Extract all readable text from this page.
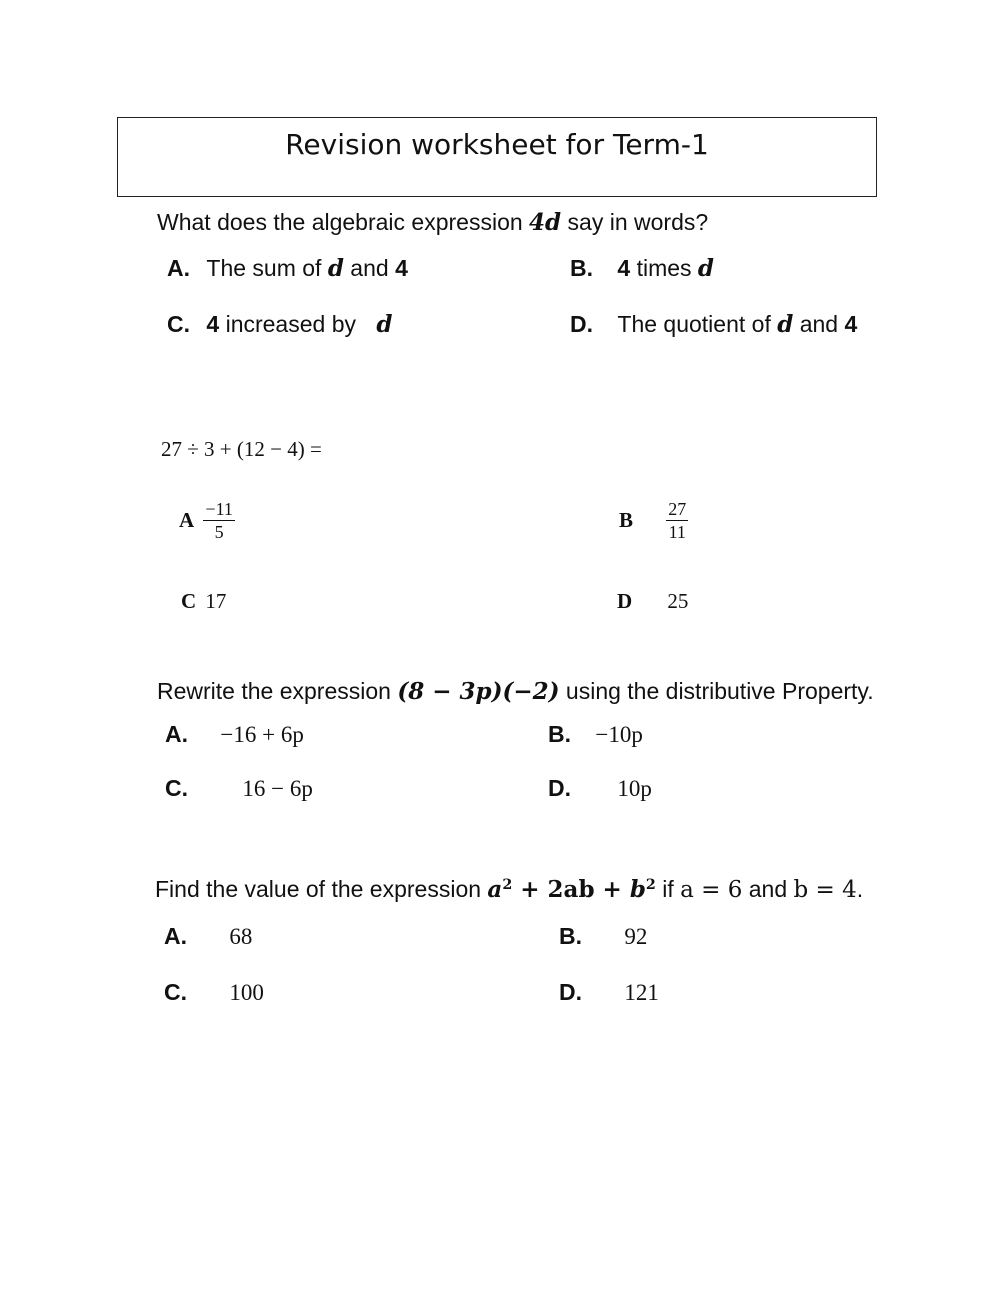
Revision worksheet for Term-1
What does the algebraic expression 4d say in words?
A. The sum of d and 4	B. 4 times d
C. 4 increased by d	D. The quotient of d and 4
27 ÷ 3 + (12 − 4) =
A $\frac{-11}{5}$	B $\frac{27}{11}$
C 17	D 25
Rewrite the expression (8 − 3p)(−2) using the distributive Property.
A. −16 + 6p	B. −10p
C. 16 − 6p	D. 10p
Find the value of the expression $a^2 + 2ab + b^2$ if a = 6 and b = 4.
A. 68	B. 92
C. 100	D. 121
